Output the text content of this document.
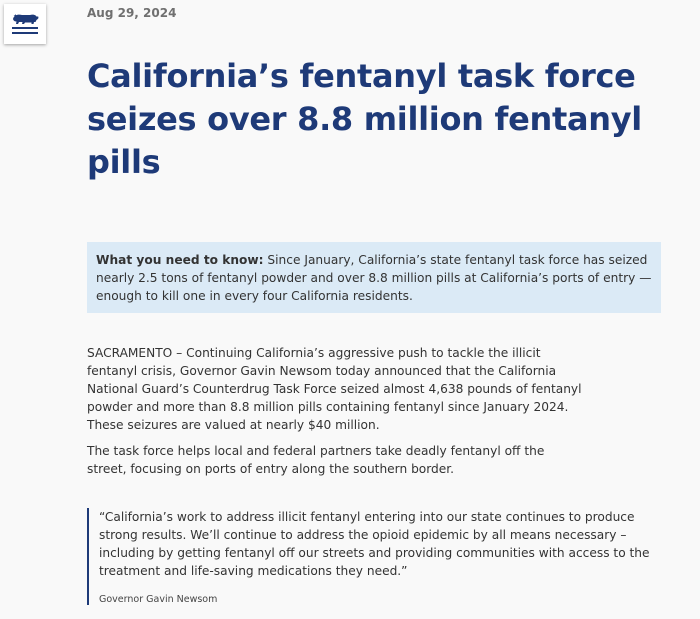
Aug 29, 2024
California’s fentanyl task force seizes over 8.8 million fentanyl pills
What you need to know: Since January, California’s state fentanyl task force has seized nearly 2.5 tons of fentanyl powder and over 8.8 million pills at California’s ports of entry — enough to kill one in every four California residents.

SACRAMENTO – Continuing California’s aggressive push to tackle the illicit fentanyl crisis, Governor Gavin Newsom today announced that the California National Guard’s Counterdrug Task Force seized almost 4,638 pounds of fentanyl powder and more than 8.8 million pills containing fentanyl since January 2024. These seizures are valued at nearly $40 million.

The task force helps local and federal partners take deadly fentanyl off the street, focusing on ports of entry along the southern border.

“California’s work to address illicit fentanyl entering into our state continues to produce strong results. We’ll continue to address the opioid epidemic by all means necessary – including by getting fentanyl off our streets and providing communities with access to the treatment and life-saving medications they need.”
Governor Gavin Newsom
